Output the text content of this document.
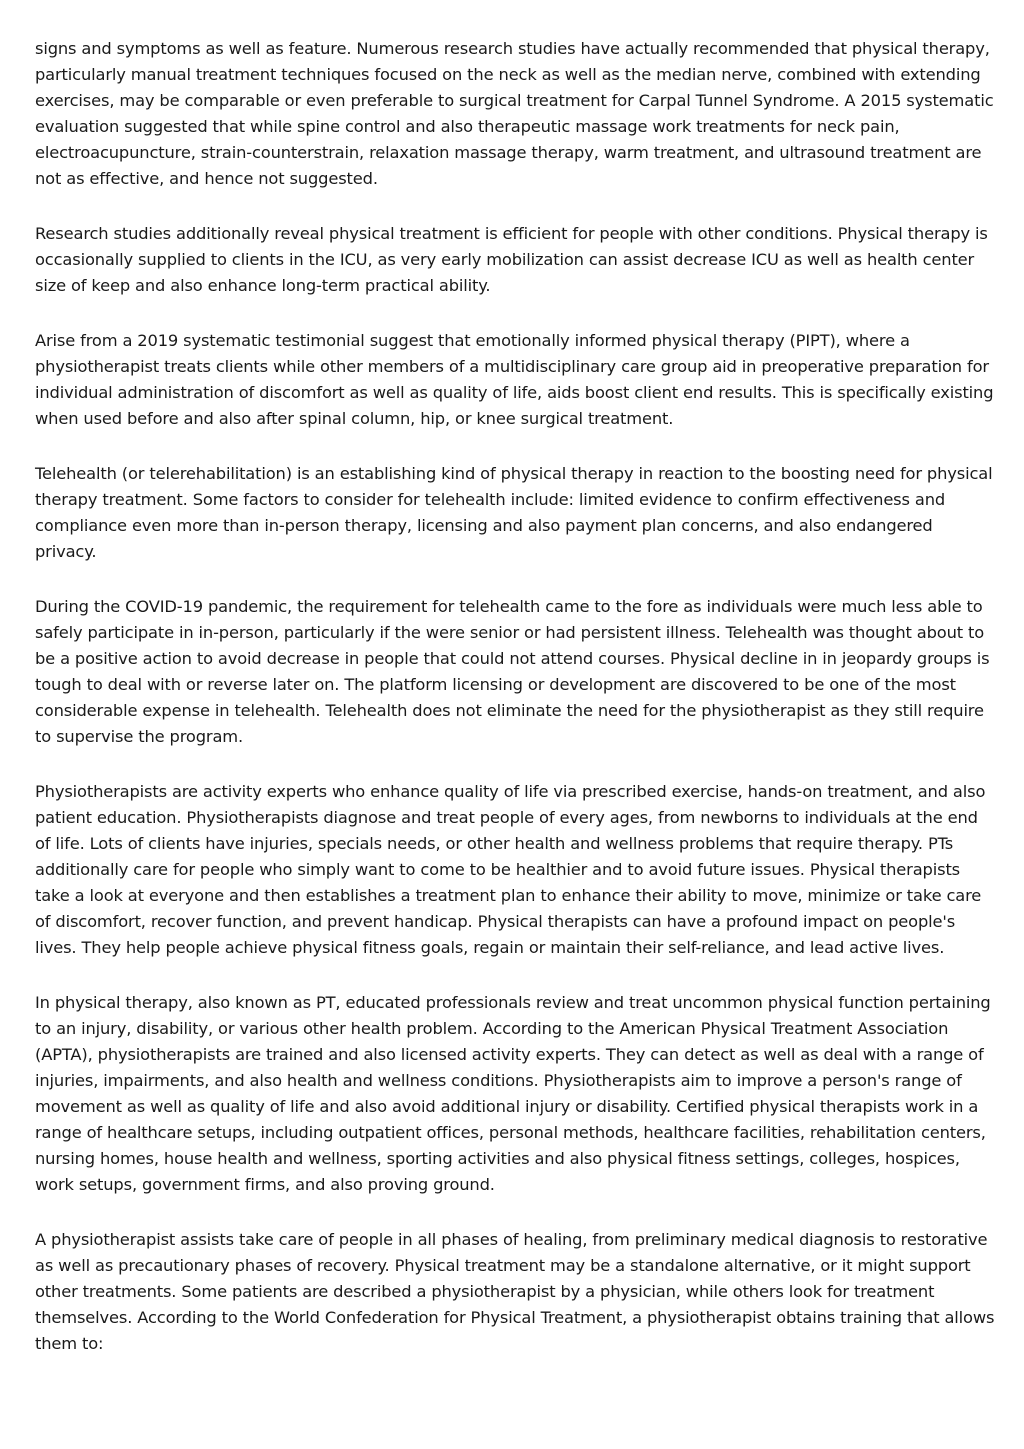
signs and symptoms as well as feature. Numerous research studies have actually recommended that physical therapy, particularly manual treatment techniques focused on the neck as well as the median nerve, combined with extending exercises, may be comparable or even preferable to surgical treatment for Carpal Tunnel Syndrome. A 2015 systematic evaluation suggested that while spine control and also therapeutic massage work treatments for neck pain, electroacupuncture, strain-counterstrain, relaxation massage therapy, warm treatment, and ultrasound treatment are not as effective, and hence not suggested.

Research studies additionally reveal physical treatment is efficient for people with other conditions. Physical therapy is occasionally supplied to clients in the ICU, as very early mobilization can assist decrease ICU as well as health center size of keep and also enhance long-term practical ability.

Arise from a 2019 systematic testimonial suggest that emotionally informed physical therapy (PIPT), where a physiotherapist treats clients while other members of a multidisciplinary care group aid in preoperative preparation for individual administration of discomfort as well as quality of life, aids boost client end results. This is specifically existing when used before and also after spinal column, hip, or knee surgical treatment.

Telehealth (or telerehabilitation) is an establishing kind of physical therapy in reaction to the boosting need for physical therapy treatment. Some factors to consider for telehealth include: limited evidence to confirm effectiveness and compliance even more than in-person therapy, licensing and also payment plan concerns, and also endangered privacy.

During the COVID-19 pandemic, the requirement for telehealth came to the fore as individuals were much less able to safely participate in in-person, particularly if the were senior or had persistent illness. Telehealth was thought about to be a positive action to avoid decrease in people that could not attend courses. Physical decline in in jeopardy groups is tough to deal with or reverse later on. The platform licensing or development are discovered to be one of the most considerable expense in telehealth. Telehealth does not eliminate the need for the physiotherapist as they still require to supervise the program.

Physiotherapists are activity experts who enhance quality of life via prescribed exercise, hands-on treatment, and also patient education. Physiotherapists diagnose and treat people of every ages, from newborns to individuals at the end of life. Lots of clients have injuries, specials needs, or other health and wellness problems that require therapy. PTs additionally care for people who simply want to come to be healthier and to avoid future issues. Physical therapists take a look at everyone and then establishes a treatment plan to enhance their ability to move, minimize or take care of discomfort, recover function, and prevent handicap. Physical therapists can have a profound impact on people's lives. They help people achieve physical fitness goals, regain or maintain their self-reliance, and lead active lives.

In physical therapy, also known as PT, educated professionals review and treat uncommon physical function pertaining to an injury, disability, or various other health problem. According to the American Physical Treatment Association (APTA), physiotherapists are trained and also licensed activity experts. They can detect as well as deal with a range of injuries, impairments, and also health and wellness conditions. Physiotherapists aim to improve a person's range of movement as well as quality of life and also avoid additional injury or disability. Certified physical therapists work in a range of healthcare setups, including outpatient offices, personal methods, healthcare facilities, rehabilitation centers, nursing homes, house health and wellness, sporting activities and also physical fitness settings, colleges, hospices, work setups, government firms, and also proving ground.

A physiotherapist assists take care of people in all phases of healing, from preliminary medical diagnosis to restorative as well as precautionary phases of recovery. Physical treatment may be a standalone alternative, or it might support other treatments. Some patients are described a physiotherapist by a physician, while others look for treatment themselves. According to the World Confederation for Physical Treatment, a physiotherapist obtains training that allows them to:
